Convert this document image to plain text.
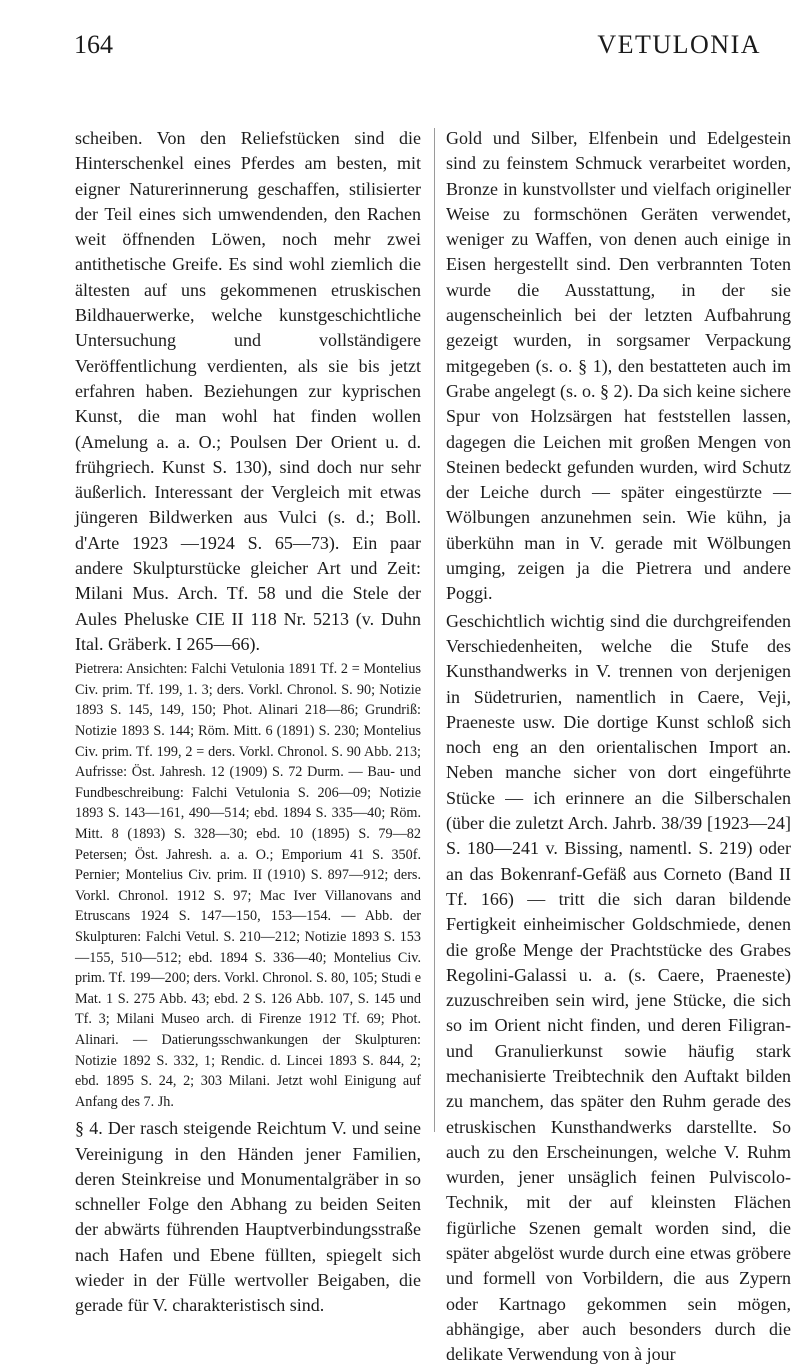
164	VETULONIA

scheiben. Von den Reliefstücken sind die Hinterschenkel eines Pferdes am besten, mit eigner Naturerinnerung geschaffen, stilisierter der Teil eines sich umwendenden, den Rachen weit öffnenden Löwen, noch mehr zwei antithetische Greife. Es sind wohl ziemlich die ältesten auf uns gekommenen etruskischen Bildhauerwerke, welche kunstgeschichtliche Untersuchung und vollständigere Veröffentlichung verdienten, als sie bis jetzt erfahren haben. Beziehungen zur kyprischen Kunst, die man wohl hat finden wollen (Amelung a. a. O.; Poulsen Der Orient u. d. frühgriech. Kunst S. 130), sind doch nur sehr äußerlich. Interessant der Vergleich mit etwas jüngeren Bildwerken aus Vulci (s. d.; Boll. d'Arte 1923 —1924 S. 65—73). Ein paar andere Skulpturstücke gleicher Art und Zeit: Milani Mus. Arch. Tf. 58 und die Stele der Aules Pheluske CIE II 118 Nr. 5213 (v. Duhn Ital. Gräberk. I 265—66).

Pietrera: Ansichten: Falchi Vetulonia 1891 Tf. 2 = Montelius Civ. prim. Tf. 199, 1. 3; ders. Vorkl. Chronol. S. 90; Notizie 1893 S. 145, 149, 150; Phot. Alinari 218—86; Grundriß: Notizie 1893 S. 144; Röm. Mitt. 6 (1891) S. 230; Montelius Civ. prim. Tf. 199, 2 = ders. Vorkl. Chronol. S. 90 Abb. 213; Aufrisse: Öst. Jahresh. 12 (1909) S. 72 Durm. — Bau- und Fundbeschreibung: Falchi Vetulonia S. 206—09; Notizie 1893 S. 143—161, 490—514; ebd. 1894 S. 335—40; Röm. Mitt. 8 (1893) S. 328—30; ebd. 10 (1895) S. 79—82 Petersen; Öst. Jahresh. a. a. O.; Emporium 41 S. 350f. Pernier; Montelius Civ. prim. II (1910) S. 897—912; ders. Vorkl. Chronol. 1912 S. 97; Mac Iver Villanovans and Etruscans 1924 S. 147—150, 153—154. — Abb. der Skulpturen: Falchi Vetul. S. 210—212; Notizie 1893 S. 153—155, 510—512; ebd. 1894 S. 336—40; Montelius Civ. prim. Tf. 199—200; ders. Vorkl. Chronol. S. 80, 105; Studi e Mat. 1 S. 275 Abb. 43; ebd. 2 S. 126 Abb. 107, S. 145 und Tf. 3; Milani Museo arch. di Firenze 1912 Tf. 69; Phot. Alinari. — Datierungsschwankungen der Skulpturen: Notizie 1892 S. 332, 1; Rendic. d. Lincei 1893 S. 844, 2; ebd. 1895 S. 24, 2; 303 Milani. Jetzt wohl Einigung auf Anfang des 7. Jh.

§ 4. Der rasch steigende Reichtum V. und seine Vereinigung in den Händen jener Familien, deren Steinkreise und Monumentalgräber in so schneller Folge den Abhang zu beiden Seiten der abwärts führenden Hauptverbindungsstraße nach Hafen und Ebene füllten, spiegelt sich wieder in der Fülle wertvoller Beigaben, die gerade für V. charakteristisch sind.

Gold und Silber, Elfenbein und Edelgestein sind zu feinstem Schmuck verarbeitet worden, Bronze in kunstvollster und vielfach origineller Weise zu formschönen Geräten verwendet, weniger zu Waffen, von denen auch einige in Eisen hergestellt sind. Den verbrannten Toten wurde die Ausstattung, in der sie augenscheinlich bei der letzten Aufbahrung gezeigt wurden, in sorgsamer Verpackung mitgegeben (s. o. § 1), den bestatteten auch im Grabe angelegt (s. o. § 2). Da sich keine sichere Spur von Holzsärgen hat feststellen lassen, dagegen die Leichen mit großen Mengen von Steinen bedeckt gefunden wurden, wird Schutz der Leiche durch — später eingestürzte — Wölbungen anzunehmen sein. Wie kühn, ja überkühn man in V. gerade mit Wölbungen umging, zeigen ja die Pietrera und andere Poggi.

Geschichtlich wichtig sind die durchgreifenden Verschiedenheiten, welche die Stufe des Kunsthandwerks in V. trennen von derjenigen in Südetrurien, namentlich in Caere, Veji, Praeneste usw. Die dortige Kunst schloß sich noch eng an den orientalischen Import an. Neben manche sicher von dort eingeführte Stücke — ich erinnere an die Silberschalen (über die zuletzt Arch. Jahrb. 38/39 [1923—24] S. 180—241 v. Bissing, namentl. S. 219) oder an das Bokenranf-Gefäß aus Corneto (Band II Tf. 166) — tritt die sich daran bildende Fertigkeit einheimischer Goldschmiede, denen die große Menge der Prachtstücke des Grabes Regolini-Galassi u. a. (s. Caere, Praeneste) zuzuschreiben sein wird, jene Stücke, die sich so im Orient nicht finden, und deren Filigran- und Granulierkunst sowie häufig stark mechanisierte Treibtechnik den Auftakt bilden zu manchem, das später den Ruhm gerade des etruskischen Kunsthandwerks darstellte. So auch zu den Erscheinungen, welche V. Ruhm wurden, jener unsäglich feinen Pulviscolo-Technik, mit der auf kleinsten Flächen figürliche Szenen gemalt worden sind, die später abgelöst wurde durch eine etwas gröbere und formell von Vorbildern, die aus Zypern oder Kartnago gekommen sein mögen, abhängige, aber auch besonders durch die delikate Verwendung von à jour
